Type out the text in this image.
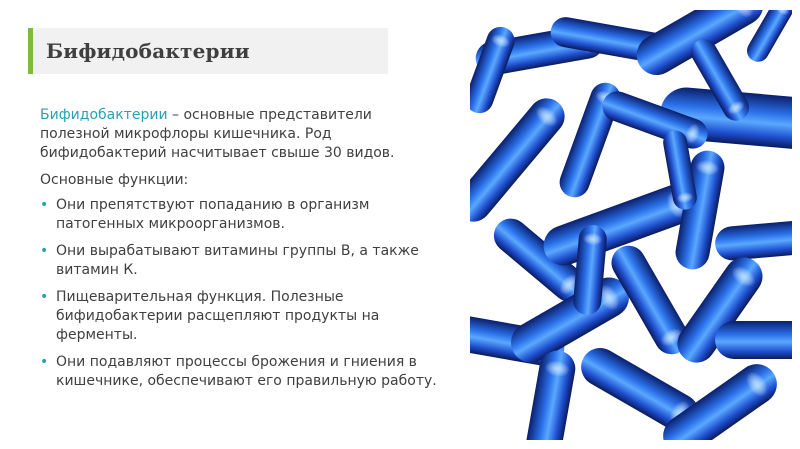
Бифидобактерии

Бифидобактерии – основные представители полезной микрофлоры кишечника. Род бифидобактерий насчитывает свыше 30 видов.

Основные функции:

• Они препятствуют попаданию в организм патогенных микроорганизмов.
• Они вырабатывают витамины группы В, а также витамин К.
• Пищеварительная функция. Полезные бифидобактерии расщепляют продукты на ферменты.
• Они подавляют процессы брожения и гниения в кишечнике, обеспечивают его правильную работу.
